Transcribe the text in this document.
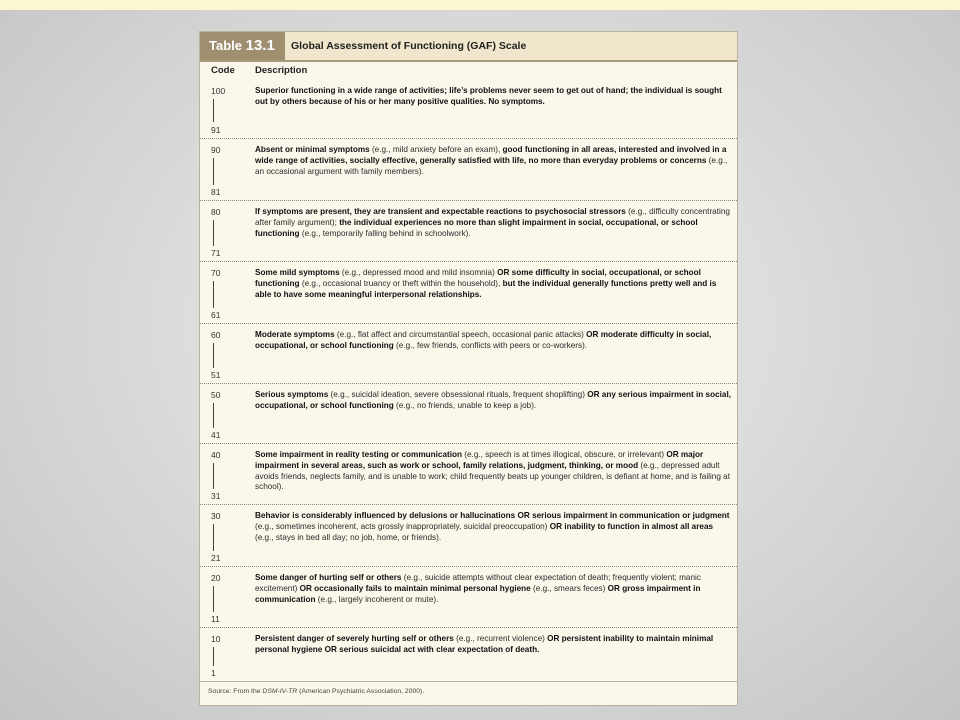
Table 13.1	Global Assessment of Functioning (GAF) Scale
Code Description
100
91
Superior functioning in a wide range of activities; life’s problems never seem to get out of hand; the individual is sought out by others because of his or her many positive qualities. No symptoms.
90
81
Absent or minimal symptoms (e.g., mild anxiety before an exam), good functioning in all areas, interested and involved in a wide range of activities, socially effective, generally satisfied with life, no more than everyday problems or concerns (e.g., an occasional argument with family members).
80
71
If symptoms are present, they are transient and expectable reactions to psychosocial stressors (e.g., difficulty concentrating after family argument); the individual experiences no more than slight impairment in social, occupational, or school functioning (e.g., temporarily falling behind in schoolwork).
70
61
Some mild symptoms (e.g., depressed mood and mild insomnia) OR some difficulty in social, occupational, or school functioning (e.g., occasional truancy or theft within the household), but the individual generally functions pretty well and is able to have some meaningful interpersonal relationships.
60
51
Moderate symptoms (e.g., flat affect and circumstantial speech, occasional panic attacks) OR moderate difficulty in social, occupational, or school functioning (e.g., few friends, conflicts with peers or co-workers).
50
41
Serious symptoms (e.g., suicidal ideation, severe obsessional rituals, frequent shoplifting) OR any serious impairment in social, occupational, or school functioning (e.g., no friends, unable to keep a job).
40
31
Some impairment in reality testing or communication (e.g., speech is at times illogical, obscure, or irrelevant) OR major impairment in several areas, such as work or school, family relations, judgment, thinking, or mood (e.g., depressed adult avoids friends, neglects family, and is unable to work; child frequently beats up younger children, is defiant at home, and is failing at school).
30
21
Behavior is considerably influenced by delusions or hallucinations OR serious impairment in communication or judgment (e.g., sometimes incoherent, acts grossly inappropriately, suicidal preoccupation) OR inability to function in almost all areas (e.g., stays in bed all day; no job, home, or friends).
20
11
Some danger of hurting self or others (e.g., suicide attempts without clear expectation of death; frequently violent; manic excitement) OR occasionally fails to maintain minimal personal hygiene (e.g., smears feces) OR gross impairment in communication (e.g., largely incoherent or mute).
10
1
Persistent danger of severely hurting self or others (e.g., recurrent violence) OR persistent inability to maintain minimal personal hygiene OR serious suicidal act with clear expectation of death.
Source: From the DSM-IV-TR (American Psychiatric Association, 2000).
